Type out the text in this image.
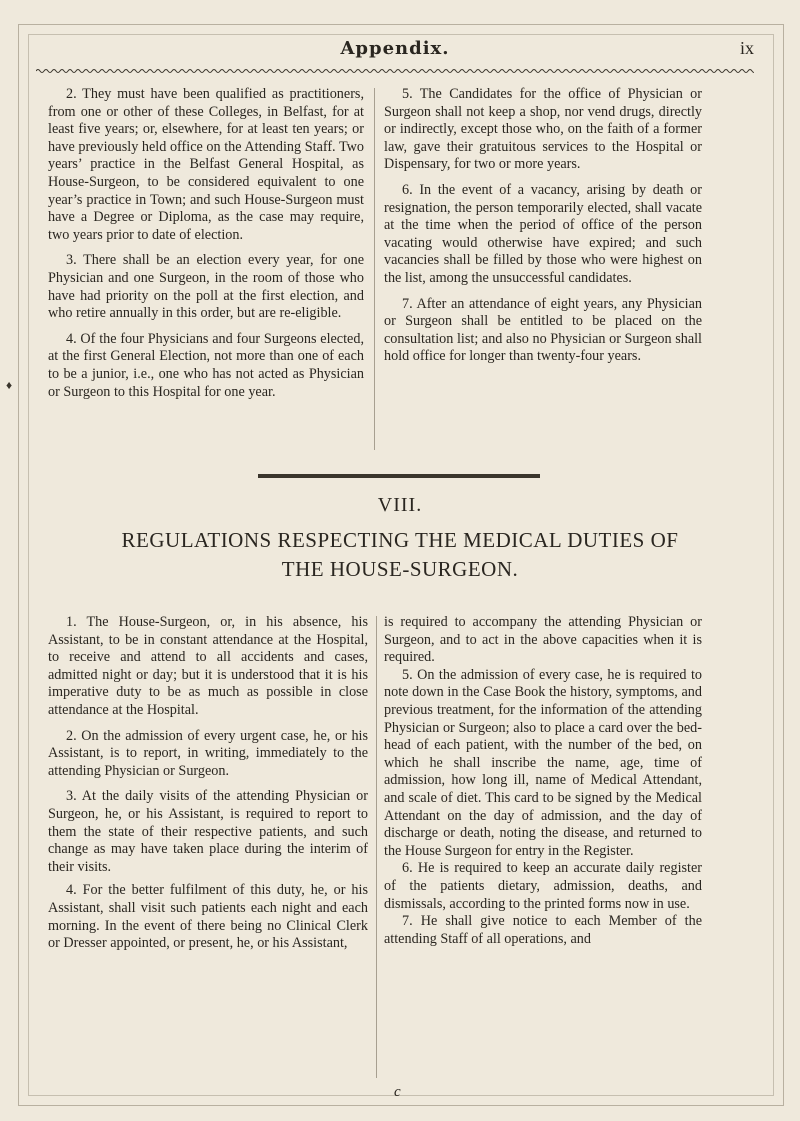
Appendix.	ix

2. They must have been qualified as practitioners, from one or other of these Colleges, in Belfast, for at least five years; or, elsewhere, for at least ten years; or have previously held office on the Attending Staff. Two years’ practice in the Belfast General Hospital, as House-Surgeon, to be considered equivalent to one year’s practice in Town; and such House-Surgeon must have a Degree or Diploma, as the case may require, two years prior to date of election.

3. There shall be an election every year, for one Physician and one Surgeon, in the room of those who have had priority on the poll at the first election, and who retire annually in this order, but are re-eligible.

4. Of the four Physicians and four Surgeons elected, at the first General Election, not more than one of each to be a junior, i.e., one who has not acted as Physician or Surgeon to this Hospital for one year.

5. The Candidates for the office of Physician or Surgeon shall not keep a shop, nor vend drugs, directly or indirectly, except those who, on the faith of a former law, gave their gratuitous services to the Hospital or Dispensary, for two or more years.

6. In the event of a vacancy, arising by death or resignation, the person temporarily elected, shall vacate at the time when the period of office of the person vacating would otherwise have expired; and such vacancies shall be filled by those who were highest on the list, among the unsuccessful candidates.

7. After an attendance of eight years, any Physician or Surgeon shall be entitled to be placed on the consultation list; and also no Physician or Surgeon shall hold office for longer than twenty-four years.

VIII.
REGULATIONS RESPECTING THE MEDICAL DUTIES OF
THE HOUSE-SURGEON.

1. The House-Surgeon, or, in his absence, his Assistant, to be in constant attendance at the Hospital, to receive and attend to all accidents and cases, admitted night or day; but it is understood that it is his imperative duty to be as much as possible in close attendance at the Hospital.

2. On the admission of every urgent case, he, or his Assistant, is to report, in writing, immediately to the attending Physician or Surgeon.

3. At the daily visits of the attending Physician or Surgeon, he, or his Assistant, is required to report to them the state of their respective patients, and such change as may have taken place during the interim of their visits.

4. For the better fulfilment of this duty, he, or his Assistant, shall visit such patients each night and each morning. In the event of there being no Clinical Clerk or Dresser appointed, or present, he, or his Assistant,

is required to accompany the attending Physician or Surgeon, and to act in the above capacities when it is required.

5. On the admission of every case, he is required to note down in the Case Book the history, symptoms, and previous treatment, for the information of the attending Physician or Surgeon; also to place a card over the bed-head of each patient, with the number of the bed, on which he shall inscribe the name, age, time of admission, how long ill, name of Medical Attendant, and scale of diet. This card to be signed by the Medical Attendant on the day of admission, and the day of discharge or death, noting the disease, and returned to the House Surgeon for entry in the Register.

6. He is required to keep an accurate daily register of the patients dietary, admission, deaths, and dismissals, according to the printed forms now in use.

7. He shall give notice to each Member of the attending Staff of all operations, and

c
♦
